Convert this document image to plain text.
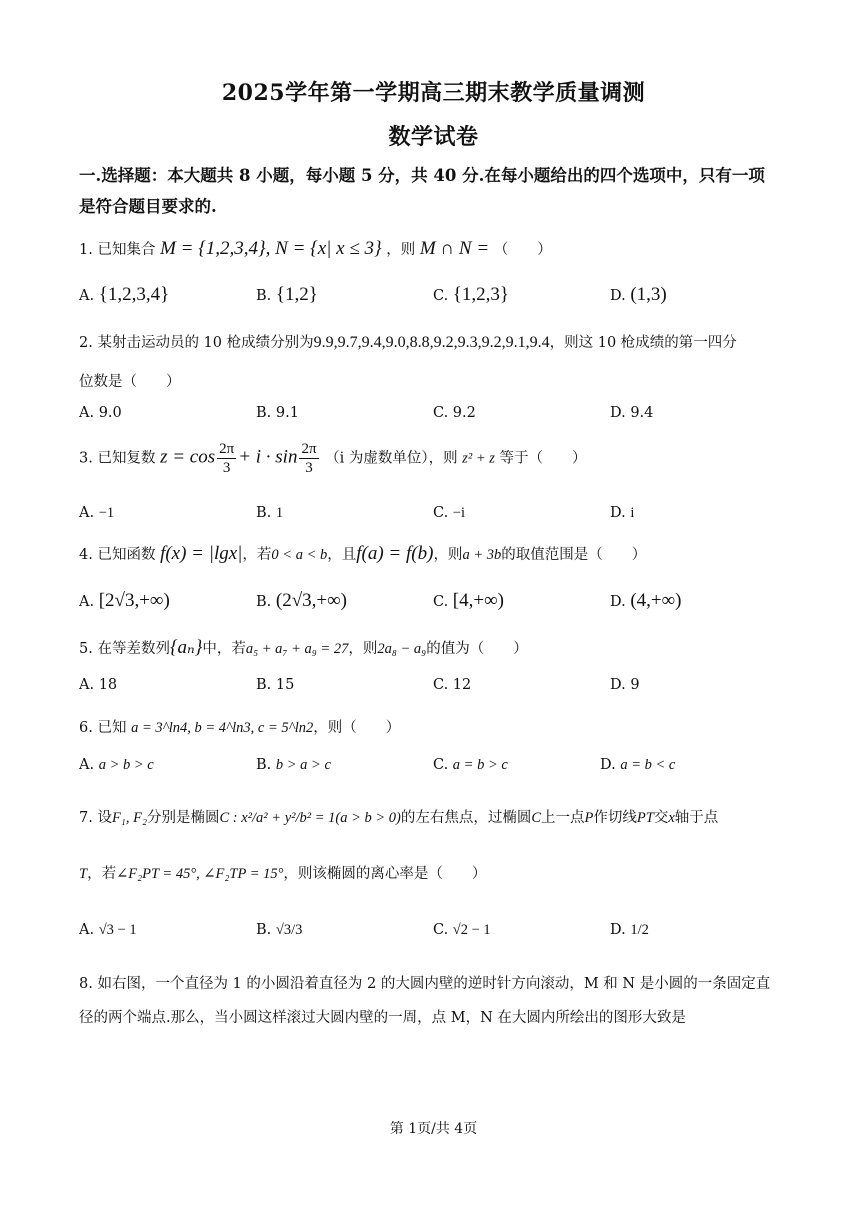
2025学年第一学期高三期末教学质量调测
数学试卷
一.选择题：本大题共 8 小题，每小题 5 分，共 40 分.在每小题给出的四个选项中，只有一项
是符合题目要求的.
1. 已知集合 M = {1,2,3,4}, N = {x| x ≤ 3} ，则 M ∩ N = （　　）
A. {1,2,3,4}	B. {1,2}	C. {1,2,3}	D. (1,3)
2. 某射击运动员的 10 枪成绩分别为9.9,9.7,9.4,9.0,8.8,9.2,9.3,9.2,9.1,9.4，则这 10 枪成绩的第一四分
位数是（　　）
A. 9.0	B. 9.1	C. 9.2	D. 9.4
3. 已知复数 $z = \cos \frac{2\pi}{3} + i \cdot \sin \frac{2\pi}{3} (i$ 为虚数单位），则 z² + z 等于（　　）
A. −1	B. 1	C. −i	D. i
4. 已知函数 f(x) = |lgx|，若0 < a < b，且f(a) = f(b)，则a + 3b的取值范围是（　　）
A. [2√3,+∞)	B. (2√3,+∞)	C. [4,+∞)	D. (4,+∞)
5. 在等差数列{aₙ}中，若a₅ + a₇ + a₉ = 27，则2a₈ − a₉的值为（　　）
A. 18	B. 15	C. 12	D. 9
6. 已知 a = 3^ln4, b = 4^ln3, c = 5^ln2，则（　　）
A. a > b > c	B. b > a > c	C. a = b > c	D. a = b < c
7. 设F₁, F₂分别是椭圆C : x²/a² + y²/b² = 1(a > b > 0)的左右焦点，过椭圆C上一点P作切线PT交x轴于点
T，若∠F₂PT = 45°, ∠F₂TP = 15°，则该椭圆的离心率是（　　）
A. √3 − 1	B. √3/3	C. √2 − 1	D. 1/2
8. 如右图，一个直径为 1 的小圆沿着直径为 2 的大圆内壁的逆时针方向滚动，M 和 N 是小圆的一条固定直
径的两个端点.那么，当小圆这样滚过大圆内壁的一周，点 M，N 在大圆内所绘出的图形大致是
第 1页/共 4页
